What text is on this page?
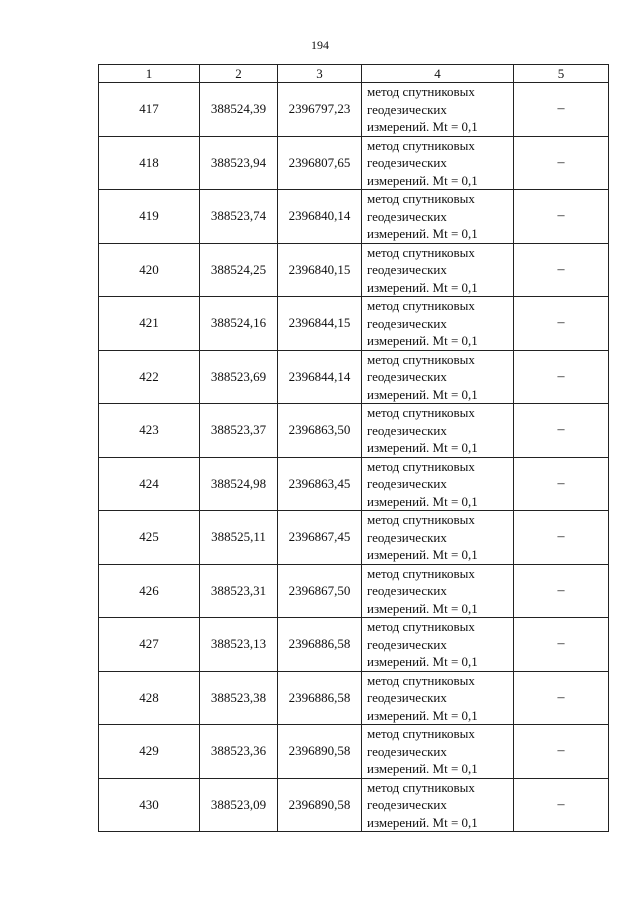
194
1	2	3	4	5
417	388524,39	2396797,23	метод спутниковых
геодезических
измерений. Mt = 0,1	–
418	388523,94	2396807,65	метод спутниковых
геодезических
измерений. Mt = 0,1	–
419	388523,74	2396840,14	метод спутниковых
геодезических
измерений. Mt = 0,1	–
420	388524,25	2396840,15	метод спутниковых
геодезических
измерений. Mt = 0,1	–
421	388524,16	2396844,15	метод спутниковых
геодезических
измерений. Mt = 0,1	–
422	388523,69	2396844,14	метод спутниковых
геодезических
измерений. Mt = 0,1	–
423	388523,37	2396863,50	метод спутниковых
геодезических
измерений. Mt = 0,1	–
424	388524,98	2396863,45	метод спутниковых
геодезических
измерений. Mt = 0,1	–
425	388525,11	2396867,45	метод спутниковых
геодезических
измерений. Mt = 0,1	–
426	388523,31	2396867,50	метод спутниковых
геодезических
измерений. Mt = 0,1	–
427	388523,13	2396886,58	метод спутниковых
геодезических
измерений. Mt = 0,1	–
428	388523,38	2396886,58	метод спутниковых
геодезических
измерений. Mt = 0,1	–
429	388523,36	2396890,58	метод спутниковых
геодезических
измерений. Mt = 0,1	–
430	388523,09	2396890,58	метод спутниковых
геодезических
измерений. Mt = 0,1	–
